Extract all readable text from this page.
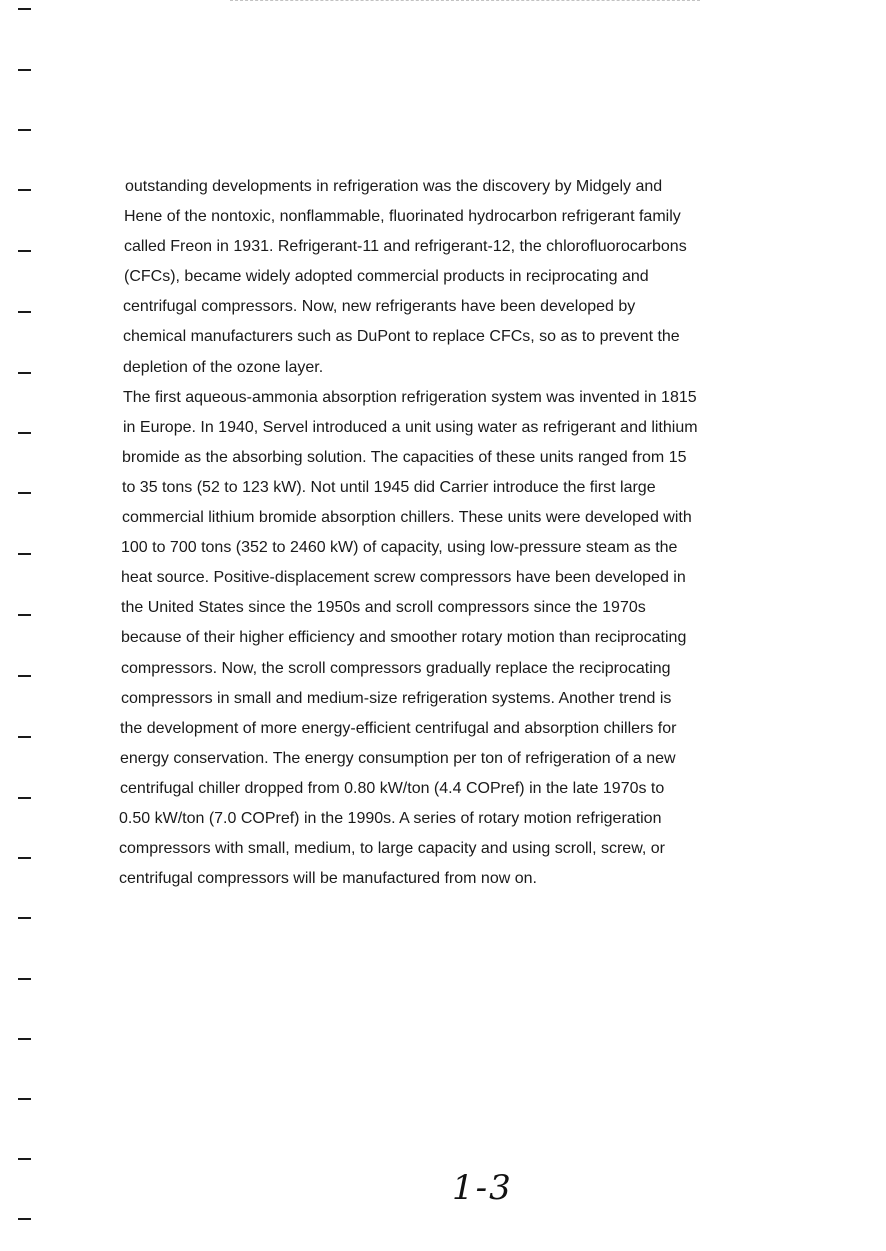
outstanding developments in refrigeration was the discovery by Midgely and
Hene of the nontoxic, nonflammable, fluorinated hydrocarbon refrigerant family
called Freon in 1931. Refrigerant-11 and refrigerant-12, the chlorofluorocarbons
(CFCs), became widely adopted commercial products in reciprocating and
centrifugal compressors. Now, new refrigerants have been developed by
chemical manufacturers such as DuPont to replace CFCs, so as to prevent the
depletion of the ozone layer.
The first aqueous-ammonia absorption refrigeration system was invented in 1815
in Europe. In 1940, Servel introduced a unit using water as refrigerant and lithium
bromide as the absorbing solution. The capacities of these units ranged from 15
to 35 tons (52 to 123 kW). Not until 1945 did Carrier introduce the first large
commercial lithium bromide absorption chillers. These units were developed with
100 to 700 tons (352 to 2460 kW) of capacity, using low-pressure steam as the
heat source. Positive-displacement screw compressors have been developed in
the United States since the 1950s and scroll compressors since the 1970s
because of their higher efficiency and smoother rotary motion than reciprocating
compressors. Now, the scroll compressors gradually replace the reciprocating
compressors in small and medium-size refrigeration systems. Another trend is
the development of more energy-efficient centrifugal and absorption chillers for
energy conservation. The energy consumption per ton of refrigeration of a new
centrifugal chiller dropped from 0.80 kW/ton (4.4 COPref) in the late 1970s to
0.50 kW/ton (7.0 COPref) in the 1990s. A series of rotary motion refrigeration
compressors with small, medium, to large capacity and using scroll, screw, or
centrifugal compressors will be manufactured from now on.
1-3
